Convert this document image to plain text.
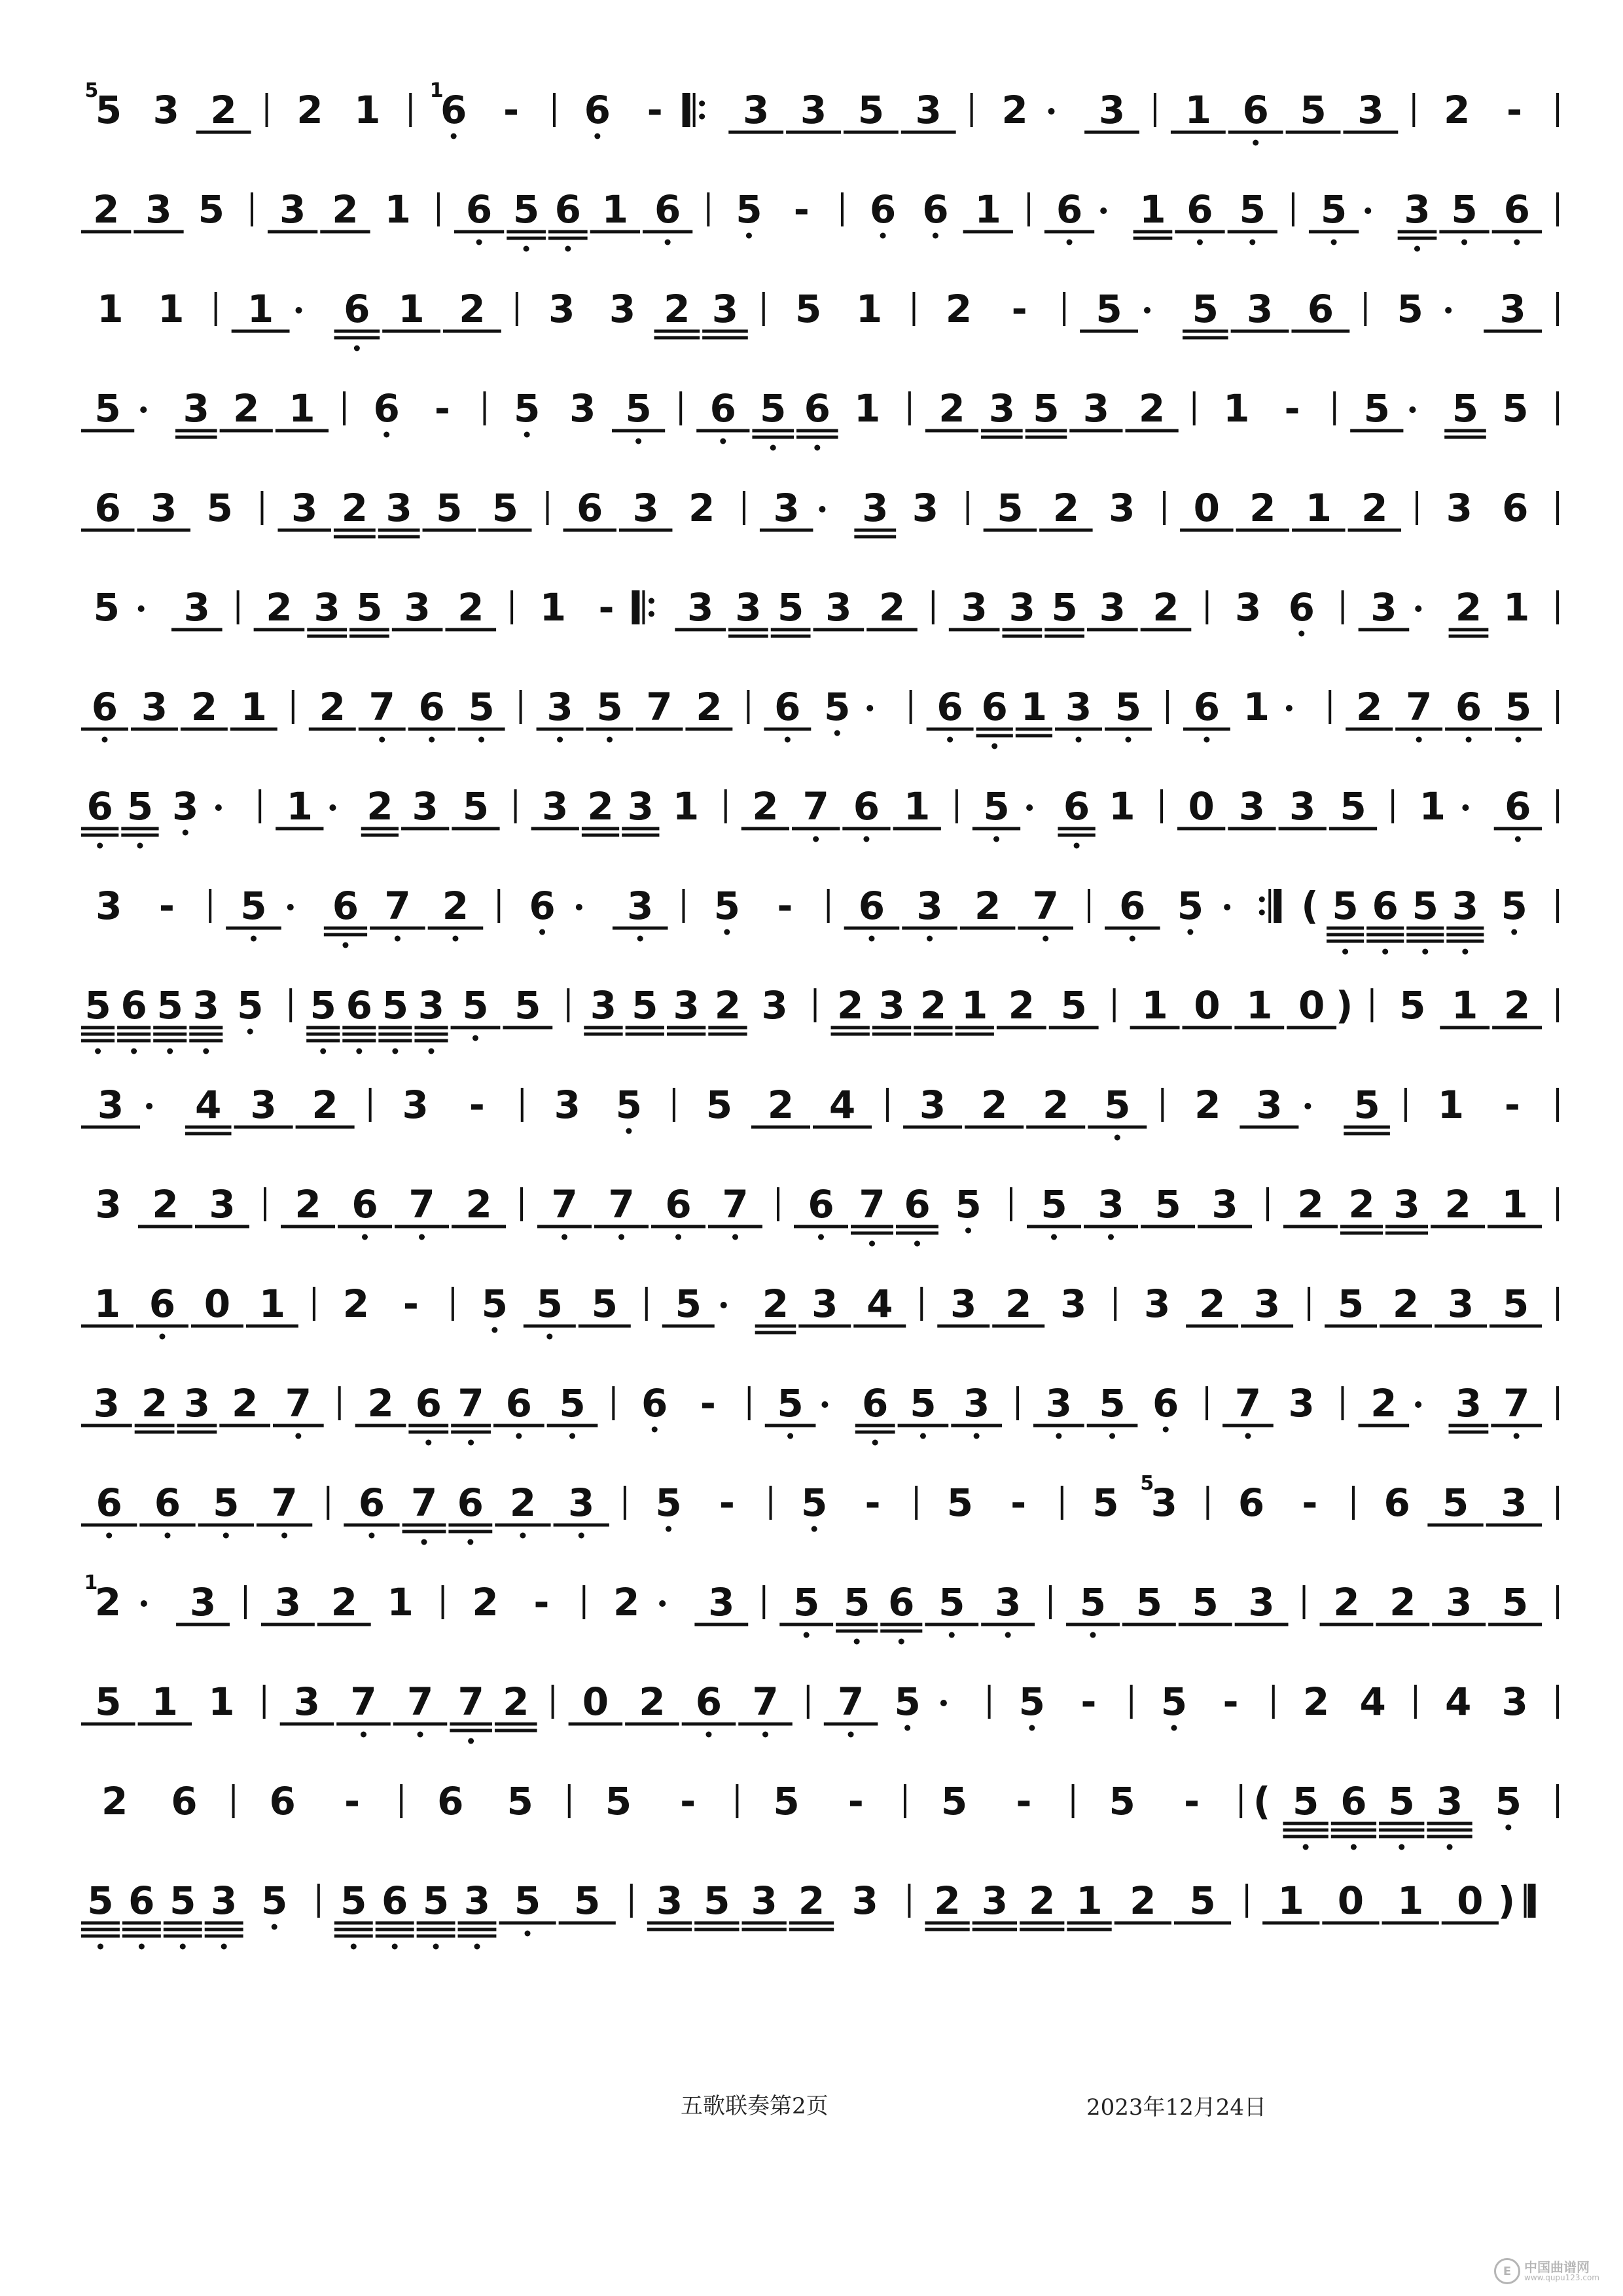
5
5 3 2 2 1 6
1 - 6 - 3 3 5 3 2 3 1 6 5 3 2 -
2 3 5 3 2 1 6 5 6 1 6 5 - 6 6 1 6 1 6 5 5 3 5 6
1 1 1 6 1 2 3 3 2 3 5 1 2 - 5 5 3 6 5 3
5 3 2 1 6 - 5 3 5 6 5 6 1 2 3 5 3 2 1 - 5 5 5
6 3 5 3 2 3 5 5 6 3 2 3 3 3 5 2 3 0 2 1 2 3 6
5 3 2 3 5 3 2 1 - 3 3 5 3 2 3 3 5 3 2 3 6 3 2 1
6 3 2 1 2 7 6 5 3 5 7 2 6 5 6 6 1 3 5 6 1 2 7 6 5
6 5 3 1 2 3 5 3 2 3 1 2 7 6 1 5 6 1 0 3 3 5 1 6
3 - 5 6 7 2 6 3 5 - 6 3 2 7 6 5	( 5 6 5 3 5
5 6 5 3 5 5 6 5 3 5 5 3 5 3 2 3 2 3 2 1 2 5 1 0 1 0 ) 5 1 2
3 4 3 2 3 - 3 5 5 2 4 3 2 2 5 2 3 5 1 -
3 2 3 2 6 7 2 7 7 6 7 6 7 6 5 5 3 5 3 2 2 3 2 1
1 6 0 1 2 - 5 5 5 5 2 3 4 3 2 3 3 2 3 5 2 3 5
3 2 3 2 7 2 6 7 6 5 6 - 5 6 5 3 3 5 6 7 3 2 3 7
6 6 5 7 6 7 6 2 3 5 - 5 - 5 - 5 3
5 6 - 6 5 3
2
1 3 3 2 1 2 - 2 3 5 5 6 5 3 5 5 5 3 2 2 3 5
5 1 1 3 7 7 7 2 0 2 6 7 7 5	5 - 5 - 2 4 4 3
2 6 6 - 6 5 5 - 5 - 5 - 5 - ( 5 6 5 3 5
5 6 5 3 5 5 6 5 3 5 5 3 5 3 2 3 2 3 2 1 2 5 1 0 1 0 )
五歌联奏第2页	2023年12月24日
E 中国曲谱网
www.qupu123.com
